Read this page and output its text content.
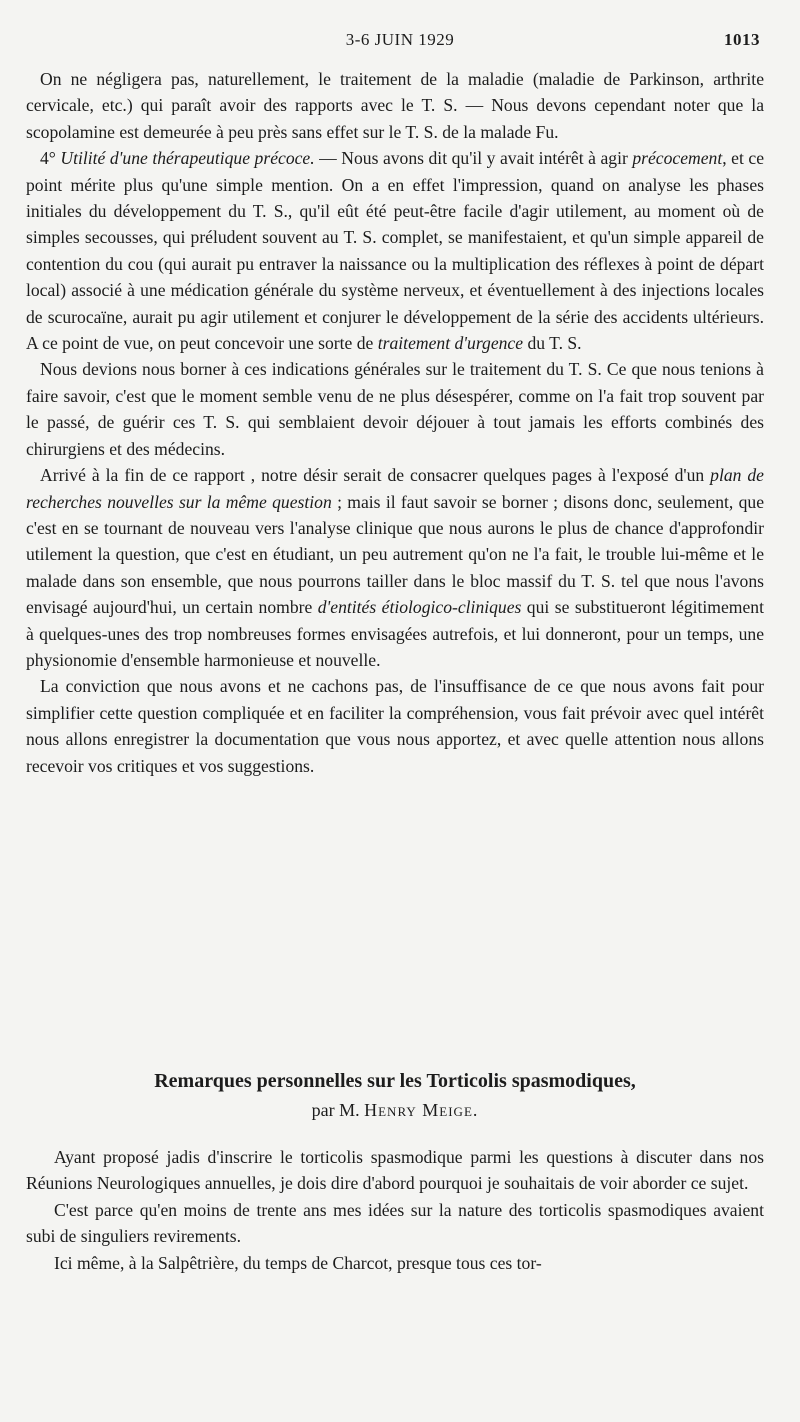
3-6 JUIN 1929	1013

On ne négligera pas, naturellement, le traitement de la maladie (maladie de Parkinson, arthrite cervicale, etc.) qui paraît avoir des rapports avec le T. S. — Nous devons cependant noter que la scopolamine est demeurée à peu près sans effet sur le T. S. de la malade Fu.

4° Utilité d'une thérapeutique précoce. — Nous avons dit qu'il y avait intérêt à agir précocement, et ce point mérite plus qu'une simple mention. On a en effet l'impression, quand on analyse les phases initiales du développement du T. S., qu'il eût été peut-être facile d'agir utilement, au moment où de simples secousses, qui préludent souvent au T. S. complet, se manifestaient, et qu'un simple appareil de contention du cou (qui aurait pu entraver la naissance ou la multiplication des réflexes à point de départ local) associé à une médication générale du système nerveux, et éventuellement à des injections locales de scurocaïne, aurait pu agir utilement et conjurer le développement de la série des accidents ultérieurs. A ce point de vue, on peut concevoir une sorte de traitement d'urgence du T. S.

Nous devions nous borner à ces indications générales sur le traitement du T. S. Ce que nous tenions à faire savoir, c'est que le moment semble venu de ne plus désespérer, comme on l'a fait trop souvent par le passé, de guérir ces T. S. qui semblaient devoir déjouer à tout jamais les efforts combinés des chirurgiens et des médecins.

Arrivé à la fin de ce rapport , notre désir serait de consacrer quelques pages à l'exposé d'un plan de recherches nouvelles sur la même question ; mais il faut savoir se borner ; disons donc, seulement, que c'est en se tournant de nouveau vers l'analyse clinique que nous aurons le plus de chance d'approfondir utilement la question, que c'est en étudiant, un peu autrement qu'on ne l'a fait, le trouble lui-même et le malade dans son ensemble, que nous pourrons tailler dans le bloc massif du T. S. tel que nous l'avons envisagé aujourd'hui, un certain nombre d'entités étiologico-cliniques qui se substitueront légitimement à quelques-unes des trop nombreuses formes envisagées autrefois, et lui donneront, pour un temps, une physionomie d'ensemble harmonieuse et nouvelle.

La conviction que nous avons et ne cachons pas, de l'insuffisance de ce que nous avons fait pour simplifier cette question compliquée et en faciliter la compréhension, vous fait prévoir avec quel intérêt nous allons enregistrer la documentation que vous nous apportez, et avec quelle attention nous allons recevoir vos critiques et vos suggestions.

Remarques personnelles sur les Torticolis spasmodiques,
par M. Henry Meige.

Ayant proposé jadis d'inscrire le torticolis spasmodique parmi les questions à discuter dans nos Réunions Neurologiques annuelles, je dois dire d'abord pourquoi je souhaitais de voir aborder ce sujet.

C'est parce qu'en moins de trente ans mes idées sur la nature des torticolis spasmodiques avaient subi de singuliers revirements.

Ici même, à la Salpêtrière, du temps de Charcot, presque tous ces tor-
